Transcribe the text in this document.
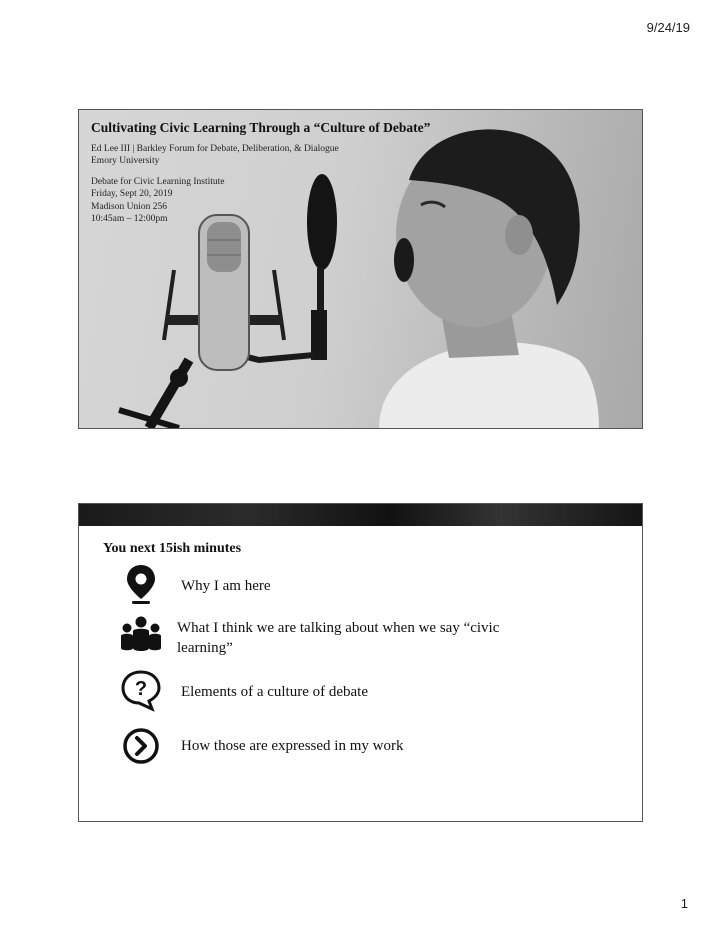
9/24/19
Cultivating Civic Learning Through a “Culture of Debate”
Ed Lee III | Barkley Forum for Debate, Deliberation, & Dialogue
Emory University
Debate for Civic Learning Institute
Friday, Sept 20, 2019
Madison Union 256
10:45am – 12:00pm
You next 15ish minutes
Why I am here
What I think we are talking about when we say “civic learning”
? Elements of a culture of debate
How those are expressed in my work
1
